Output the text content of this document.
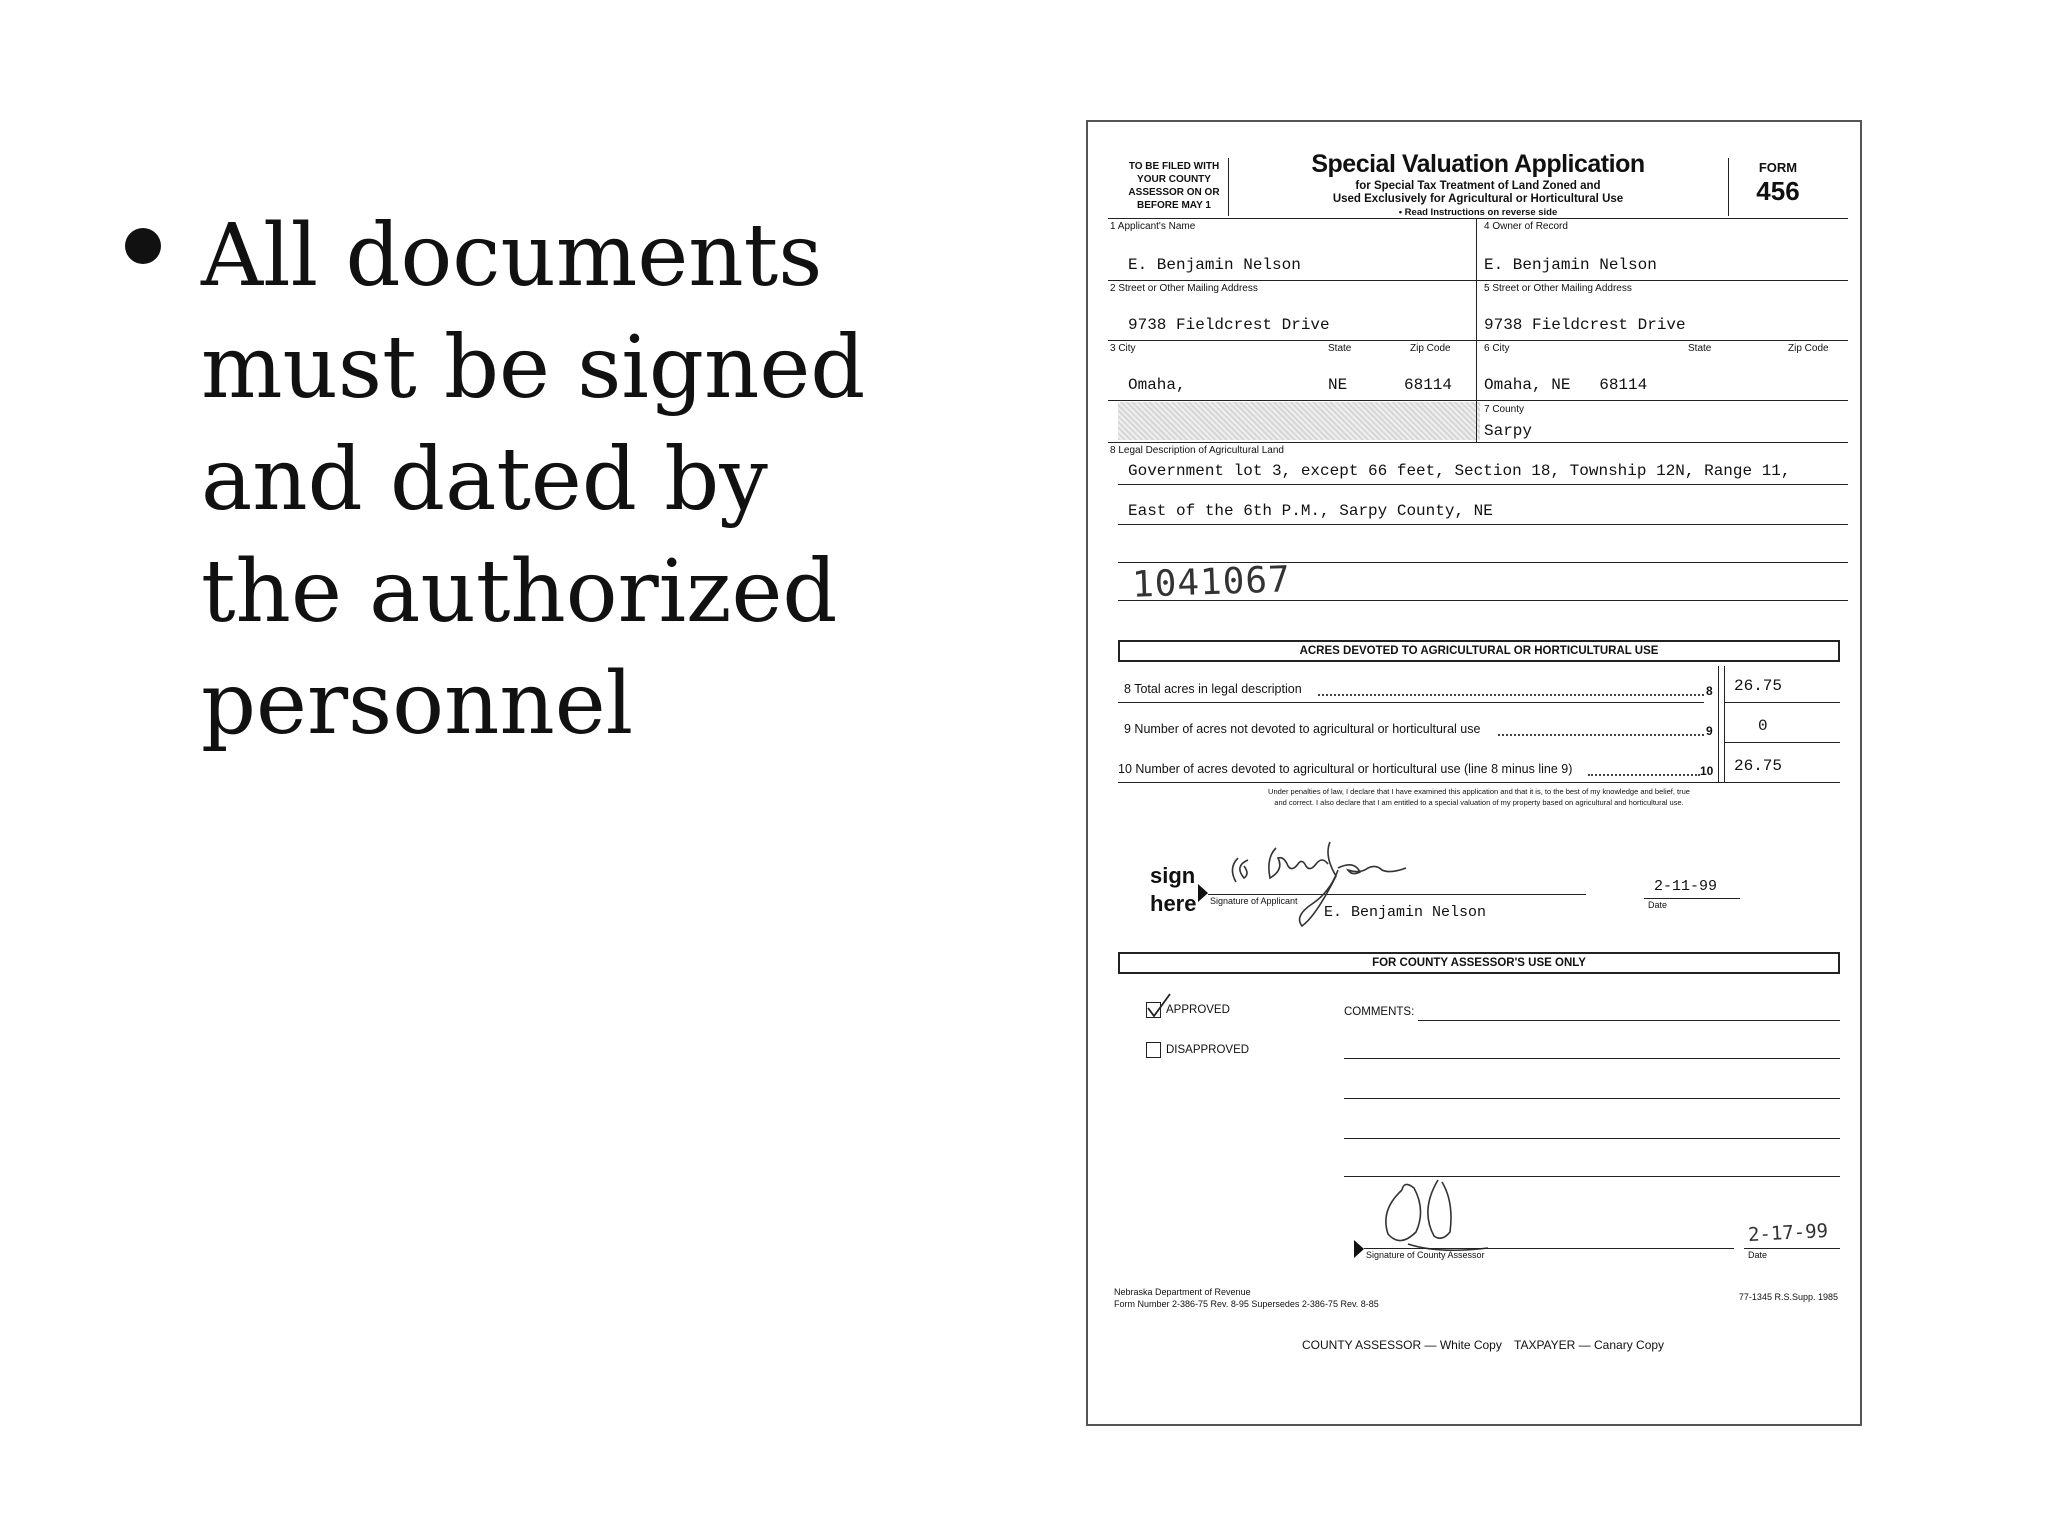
All documents
must be signed
and dated by
the authorized
personnel
TO BE FILED WITH
YOUR COUNTY
ASSESSOR ON OR
BEFORE MAY 1
Special Valuation Application
for Special Tax Treatment of Land Zoned and
Used Exclusively for Agricultural or Horticultural Use
• Read Instructions on reverse side
FORM
456
1 Applicant's Name	4 Owner of Record
E. Benjamin Nelson	E. Benjamin Nelson
2 Street or Other Mailing Address	5 Street or Other Mailing Address
9738 Fieldcrest Drive	9738 Fieldcrest Drive
3 City	State	Zip Code	6 City	State	Zip Code
Omaha,	NE	68114 Omaha, NE   68114
7 County
Sarpy
8 Legal Description of Agricultural Land
Government lot 3, except 66 feet, Section 18, Township 12N, Range 11,
East of the 6th P.M., Sarpy County, NE
1041067
ACRES DEVOTED TO AGRICULTURAL OR HORTICULTURAL USE
8 Total acres in legal description	8 26.75
9 Number of acres not devoted to agricultural or horticultural use	9	0
10 Number of acres devoted to agricultural or horticultural use (line 8 minus line 9)	10 26.75
Under penalties of law, I declare that I have examined this application and that it is, to the best of my knowledge and belief, true
and correct. I also declare that I am entitled to a special valuation of my property based on agricultural and horticultural use.
sign
here Signature of Applicant
E. Benjamin Nelson
2-11-99
Date
FOR COUNTY ASSESSOR'S USE ONLY
APPROVED
DISAPPROVED
COMMENTS:
Signature of County Assessor
2-17-99
Date
Nebraska Department of Revenue
Form Number 2-386-75 Rev. 8-95 Supersedes 2-386-75 Rev. 8-85
77-1345 R.S.Supp. 1985
COUNTY ASSESSOR — White Copy TAXPAYER — Canary Copy
